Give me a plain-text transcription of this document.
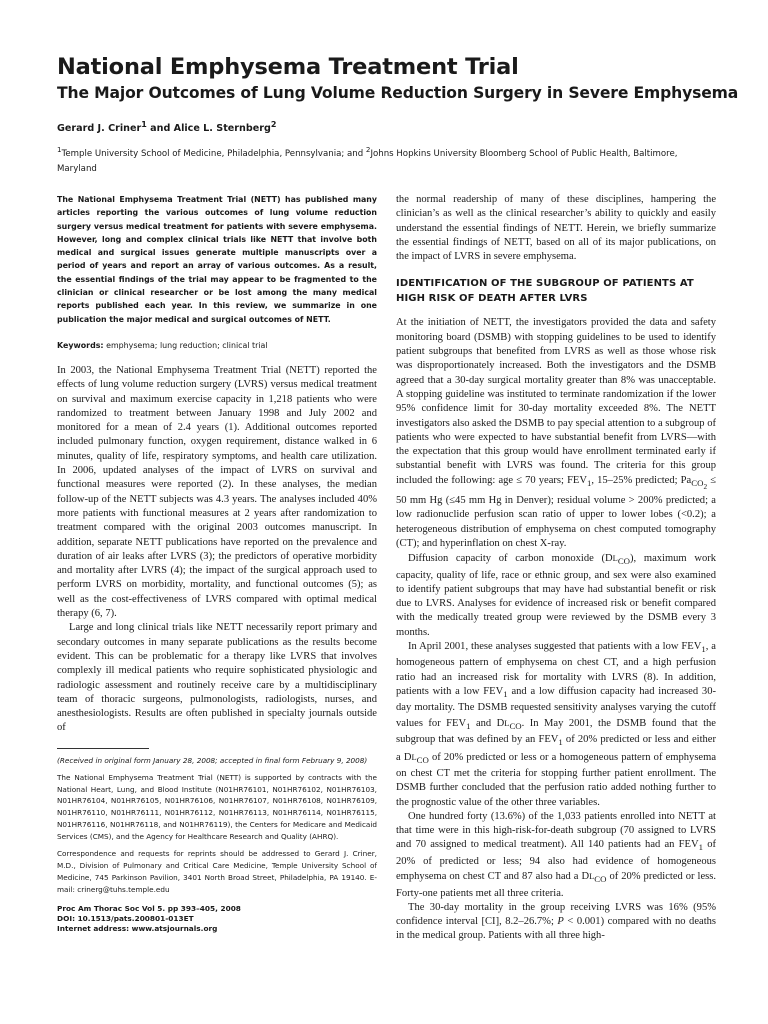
National Emphysema Treatment Trial
The Major Outcomes of Lung Volume Reduction Surgery in Severe Emphysema

Gerard J. Criner$^1$ and Alice L. Sternberg$^2$

$^1$Temple University School of Medicine, Philadelphia, Pennsylvania; and $^2$Johns Hopkins University Bloomberg School of Public Health, Baltimore, Maryland

The National Emphysema Treatment Trial (NETT) has published many articles reporting the various outcomes of lung volume reduction surgery versus medical treatment for patients with severe emphysema. However, long and complex clinical trials like NETT that involve both medical and surgical issues generate multiple manuscripts over a period of years and report an array of various outcomes. As a result, the essential findings of the trial may appear to be fragmented to the clinician or clinical researcher or be lost among the many medical reports published each year. In this review, we summarize in one publication the major medical and surgical outcomes of NETT.

Keywords: emphysema; lung reduction; clinical trial

In 2003, the National Emphysema Treatment Trial (NETT) reported the effects of lung volume reduction surgery (LVRS) versus medical treatment on survival and maximum exercise capacity in 1,218 patients who were randomized to treatment between January 1998 and July 2002 and monitored for a mean of 2.4 years (1). Additional outcomes reported included pulmonary function, oxygen requirement, distance walked in 6 minutes, quality of life, respiratory symptoms, and health care utilization. In 2006, updated analyses of the impact of LVRS on survival and functional measures were reported (2). In these analyses, the median follow-up of the NETT subjects was 4.3 years. The analyses included 40% more patients with functional measures at 2 years after randomization to treatment compared with the original 2003 outcomes manuscript. In addition, separate NETT publications have reported on the prevalence and duration of air leaks after LVRS (3); the predictors of operative morbidity and mortality after LVRS (4); the impact of the surgical approach used to perform LVRS on morbidity, mortality, and functional outcomes (5); as well as the cost-effectiveness of LVRS compared with optimal medical therapy (6, 7).

Large and long clinical trials like NETT necessarily report primary and secondary outcomes in many separate publications as the results become evident. This can be problematic for a therapy like LVRS that involves complexly ill medical patients who require sophisticated physiologic and radiologic assessment and routinely receive care by a multidisciplinary team of thoracic surgeons, pulmonologists, radiologists, nurses, and anesthesiologists. Results are often published in specialty journals outside of

(Received in original form January 28, 2008; accepted in final form February 9, 2008)

The National Emphysema Treatment Trial (NETT) is supported by contracts with the National Heart, Lung, and Blood Institute (N01HR76101, N01HR76102, N01HR76103, N01HR76104, N01HR76105, N01HR76106, N01HR76107, N01HR76108, N01HR76109, N01HR76110, N01HR76111, N01HR76112, N01HR76113, N01HR76114, N01HR76115, N01HR76116, N01HR76118, and N01HR76119), the Centers for Medicare and Medicaid Services (CMS), and the Agency for Healthcare Research and Quality (AHRQ).

Correspondence and requests for reprints should be addressed to Gerard J. Criner, M.D., Division of Pulmonary and Critical Care Medicine, Temple University School of Medicine, 745 Parkinson Pavilion, 3401 North Broad Street, Philadelphia, PA 19140. E-mail: crinerg@tuhs.temple.edu

Proc Am Thorac Soc Vol 5. pp 393–405, 2008
DOI: 10.1513/pats.200801-013ET
Internet address: www.atsjournals.org

the normal readership of many of these disciplines, hampering the clinician’s as well as the clinical researcher’s ability to quickly and easily understand the essential findings of NETT. Herein, we briefly summarize the essential findings of NETT, based on all of its major publications, on the impact of LVRS in severe emphysema.

IDENTIFICATION OF THE SUBGROUP OF PATIENTS AT HIGH RISK OF DEATH AFTER LVRS

At the initiation of NETT, the investigators provided the data and safety monitoring board (DSMB) with stopping guidelines to be used to identify patient subgroups that benefited from LVRS as well as those whose risk was disproportionately increased. Both the investigators and the DSMB agreed that a 30-day surgical mortality greater than 8% was unacceptable. A stopping guideline was instituted to terminate randomization if the lower 95% confidence limit for 30-day mortality exceeded 8%. The NETT investigators also asked the DSMB to pay special attention to a subgroup of patients who were expected to have substantial benefit from LVRS—with the expectation that this group would have enrollment terminated early if substantial benefit with LVRS was found. The criteria for this group included the following: age ≤ 70 years; $FEV_1$, 15–25% predicted; $Pa_{CO_2} \le 50$ mm Hg (≤45 mm Hg in Denver); residual volume > 200% predicted; a low radionuclide perfusion scan ratio of upper to lower lobes (<0.2); a heterogeneous distribution of emphysema on chest computed tomography (CT); and hyperinflation on chest X-ray.

Diffusion capacity of carbon monoxide $(DL_{CO})$, maximum work capacity, quality of life, race or ethnic group, and sex were also examined to identify patient subgroups that may have had substantial benefit or risk due to LVRS. Analyses for evidence of increased risk or benefit compared with the medically treated group were reviewed by the DSMB every 3 months.

In April 2001, these analyses suggested that patients with a low $FEV_1$, a homogeneous pattern of emphysema on chest CT, and a high perfusion ratio had an increased risk for mortality with LVRS (8). In addition, patients with a low $FEV_1$ and a low diffusion capacity had increased 30-day mortality. The DSMB requested sensitivity analyses varying the cutoff values for $FEV_1$ and $DL_{CO}$. In May 2001, the DSMB found that the subgroup that was defined by an $FEV_1$ of 20% predicted or less and either a $DL_{CO}$ of 20% predicted or less or a homogeneous pattern of emphysema on chest CT met the criteria for stopping further patient enrollment. The DSMB further concluded that the perfusion ratio added nothing further to the prognostic value of the other three variables.

One hundred forty (13.6%) of the 1,033 patients enrolled into NETT at that time were in this high-risk-for-death subgroup (70 assigned to LVRS and 70 assigned to medical treatment). All 140 patients had an $FEV_1$ of 20% of predicted or less; 94 also had evidence of homogeneous emphysema on chest CT and 87 also had a $DL_{CO}$ of 20% predicted or less. Forty-one patients met all three criteria.

The 30-day mortality in the group receiving LVRS was 16% (95% confidence interval [CI], 8.2–26.7%; P < 0.001) compared with no deaths in the medical group. Patients with all three high-
